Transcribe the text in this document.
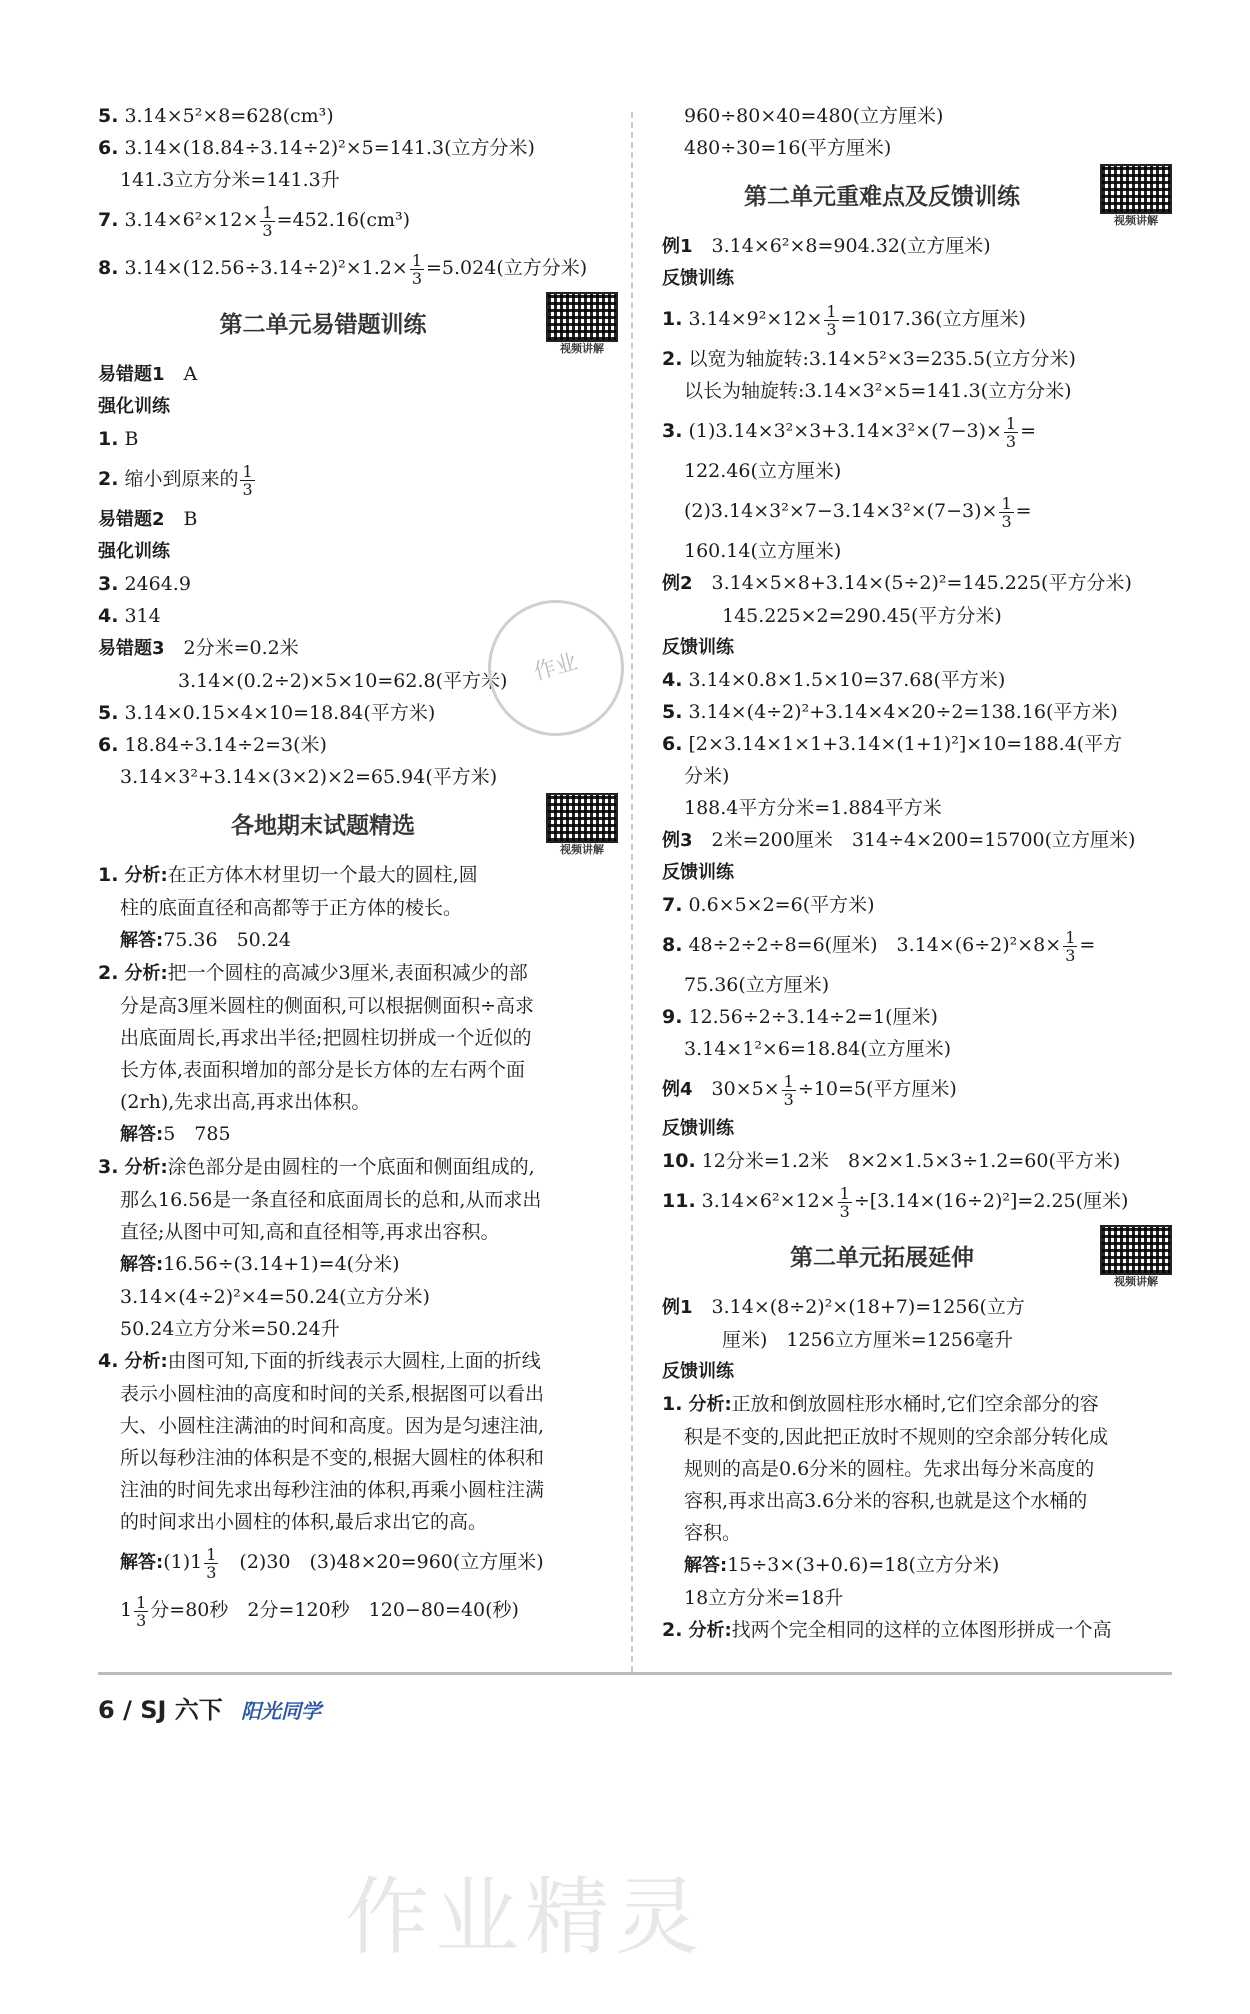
5. 3.14×5²×8=628(cm³)
6. 3.14×(18.84÷3.14÷2)²×5=141.3(立方分米)
141.3立方分米=141.3升
7. $3.14\times 6^2\times 12\times \frac{1}{3} =452.16(cm^3)$
8. $3.14\times(12.56\div 3.14\div 2)^2\times 1.2\times \frac{1}{3} =5.024$(立方分米)
第二单元易错题训练
视频讲解
易错题1　 A
强化训练
1. B
2. 缩小到原来的 $\frac{1}{3}$
易错题2　 B
强化训练
3. 2464.9
4. 314
易错题3　 2分米=0.2米
3.14×(0.2÷2)×5×10=62.8(平方米)
5. 3.14×0.15×4×10=18.84(平方米)
6. 18.84÷3.14÷2=3(米)
3.14×3²+3.14×(3×2)×2=65.94(平方米)
各地期末试题精选
视频讲解
1. 分析:在正方体木材里切一个最大的圆柱,圆
柱的底面直径和高都等于正方体的棱长。
解答:75.36　50.24
2. 分析:把一个圆柱的高减少3厘米,表面积减少的部
分是高3厘米圆柱的侧面积,可以根据侧面积÷高求
出底面周长,再求出半径;把圆柱切拼成一个近似的
长方体,表面积增加的部分是长方体的左右两个面
(2rh),先求出高,再求出体积。
解答:5　785
3. 分析:涂色部分是由圆柱的一个底面和侧面组成的,
那么16.56是一条直径和底面周长的总和,从而求出
直径;从图中可知,高和直径相等,再求出容积。
解答:16.56÷(3.14+1)=4(分米)
3.14×(4÷2)²×4=50.24(立方分米)
50.24立方分米=50.24升
4. 分析:由图可知,下面的折线表示大圆柱,上面的折线
表示小圆柱油的高度和时间的关系,根据图可以看出
大、小圆柱注满油的时间和高度。因为是匀速注油,
所以每秒注油的体积是不变的,根据大圆柱的体积和
注油的时间先求出每秒注油的体积,再乘小圆柱注满
的时间求出小圆柱的体积,最后求出它的高。
解答:(1)1 $\frac{1}{3}$ 　(2)30　(3)48×20=960(立方厘米)
$1 \frac{1}{3}$ 分=80秒　2分=120秒　120−80=40(秒)
960÷80×40=480(立方厘米)
480÷30=16(平方厘米)
第二单元重难点及反馈训练
视频讲解
例1　 3.14×6²×8=904.32(立方厘米)
反馈训练
1. $3.14\times 9^2\times 12\times \frac{1}{3} =1017.36$(立方厘米)
2. 以宽为轴旋转:3.14×5²×3=235.5(立方分米)
以长为轴旋转:3.14×3²×5=141.3(立方分米)
3. $(1)3.14\times 3^2\times 3+3.14\times 3^2\times(7-3)\times \frac{1}{3}$ =
122.46(立方厘米)
$(2)3.14\times 3^2\times 7-3.14\times 3^2\times(7-3)\times \frac{1}{3}$ =
160.14(立方厘米)
例2　 3.14×5×8+3.14×(5÷2)²=145.225(平方分米)
145.225×2=290.45(平方分米)
反馈训练
4. 3.14×0.8×1.5×10=37.68(平方米)
5. 3.14×(4÷2)²+3.14×4×20÷2=138.16(平方米)
6. [2×3.14×1×1+3.14×(1+1)²]×10=188.4(平方
分米)
188.4平方分米=1.884平方米
例3　 2米=200厘米　314÷4×200=15700(立方厘米)
反馈训练
7. 0.6×5×2=6(平方米)
8. 48÷2÷2÷8=6(厘米)　$3.14\times(6\div 2)^2\times 8\times \frac{1}{3}$ =
75.36(立方厘米)
9. 12.56÷2÷3.14÷2=1(厘米)
3.14×1²×6=18.84(立方厘米)
例4　 $30\times 5\times \frac{1}{3} \div 10=5$(平方厘米)
反馈训练
10. 12分米=1.2米　8×2×1.5×3÷1.2=60(平方米)
11. $3.14\times 6^2\times 12\times \frac{1}{3} \div[3.14\times(16\div 2)^2]=2.25$(厘米)
第二单元拓展延伸
视频讲解
例1　 3.14×(8÷2)²×(18+7)=1256(立方
厘米)　1256立方厘米=1256毫升
反馈训练
1. 分析:正放和倒放圆柱形水桶时,它们空余部分的容
积是不变的,因此把正放时不规则的空余部分转化成
规则的高是0.6分米的圆柱。先求出每分米高度的
容积,再求出高3.6分米的容积,也就是这个水桶的
容积。
解答:15÷3×(3+0.6)=18(立方分米)
18立方分米=18升
2. 分析:找两个完全相同的这样的立体图形拼成一个高
作业
6 / SJ 六下 阳光同学
作业精灵
